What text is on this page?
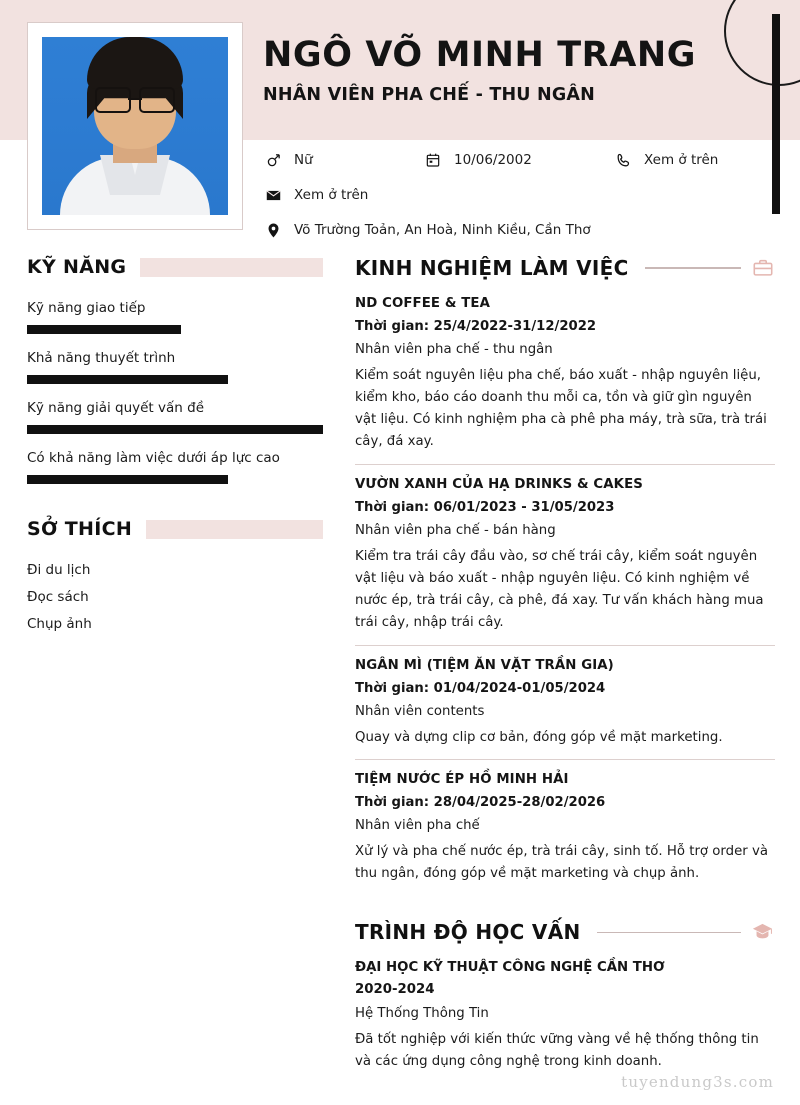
NGÔ VÕ MINH TRANG
NHÂN VIÊN PHA CHẾ - THU NGÂN
Nữ	10/06/2002	Xem ở trên
Xem ở trên
Võ Trường Toản, An Hoà, Ninh Kiều, Cần Thơ
KỸ NĂNG
Kỹ năng giao tiếp
Khả năng thuyết trình
Kỹ năng giải quyết vấn đề
Có khả năng làm việc dưới áp lực cao
SỞ THÍCH
Đi du lịch
Đọc sách
Chụp ảnh
KINH NGHIỆM LÀM VIỆC
ND COFFEE & TEA
Thời gian: 25/4/2022-31/12/2022
Nhân viên pha chế - thu ngân
Kiểm soát nguyên liệu pha chế, báo xuất - nhập nguyên liệu, kiểm kho, báo cáo doanh thu mỗi ca, tồn và giữ gìn nguyên vật liệu. Có kinh nghiệm pha cà phê pha máy, trà sữa, trà trái cây, đá xay.
VƯỜN XANH CỦA HẠ DRINKS & CAKES
Thời gian: 06/01/2023 - 31/05/2023
Nhân viên pha chế - bán hàng
Kiểm tra trái cây đầu vào, sơ chế trái cây, kiểm soát nguyên vật liệu và báo xuất - nhập nguyên liệu. Có kinh nghiệm về nước ép, trà trái cây, cà phê, đá xay. Tư vấn khách hàng mua trái cây, nhập trái cây.
NGÂN MÌ (TIỆM ĂN VẶT TRẦN GIA)
Thời gian: 01/04/2024-01/05/2024
Nhân viên contents
Quay và dựng clip cơ bản, đóng góp về mặt marketing.
TIỆM NƯỚC ÉP HỒ MINH HẢI
Thời gian: 28/04/2025-28/02/2026
Nhân viên pha chế
Xử lý và pha chế nước ép, trà trái cây, sinh tố. Hỗ trợ order và thu ngân, đóng góp về mặt marketing và chụp ảnh.
TRÌNH ĐỘ HỌC VẤN
ĐẠI HỌC KỸ THUẬT CÔNG NGHỆ CẦN THƠ
2020-2024
Hệ Thống Thông Tin
Đã tốt nghiệp với kiến thức vững vàng về hệ thống thông tin và các ứng dụng công nghệ trong kinh doanh.
tuyendung3s.com
